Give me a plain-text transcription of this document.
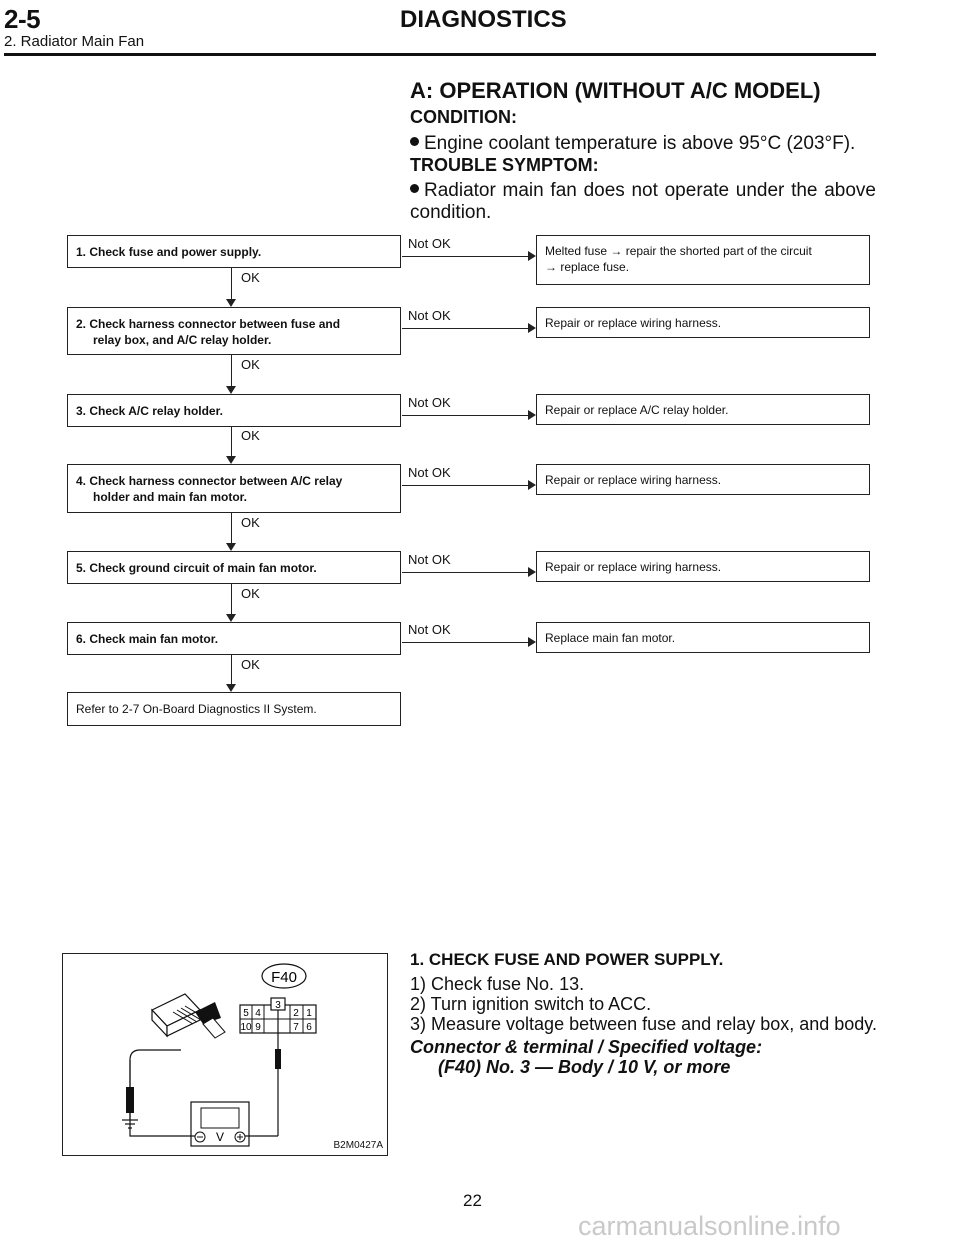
2-5	DIAGNOSTICS
2. Radiator Main Fan
A: OPERATION (WITHOUT A/C MODEL)
CONDITION:
Engine coolant temperature is above 95°C (203°F).
TROUBLE SYMPTOM:
Radiator main fan does not operate under the above condition.
1. Check fuse and power supply.
Not OK	Melted fuse → repair the shorted part of the circuit
→ replace fuse.
OK
2. Check harness connector between fuse and
relay box, and A/C relay holder.
Not OK	Repair or replace wiring harness.
OK
3. Check A/C relay holder.
Not OK	Repair or replace A/C relay holder.
OK
4. Check harness connector between A/C relay
holder and main fan motor.
Not OK	Repair or replace wiring harness.
OK
5. Check ground circuit of main fan motor.
Not OK	Repair or replace wiring harness.
OK
6. Check main fan motor.
Not OK
Replace main fan motor.
OK
Refer to 2-7 On-Board Diagnostics II System.
F40
5 4
3
2 1
10 9	7 6
V
B2M0427A
1. CHECK FUSE AND POWER SUPPLY.
1) Check fuse No. 13.
2) Turn ignition switch to ACC.
3) Measure voltage between fuse and relay box, and body.
Connector & terminal / Specified voltage:
(F40) No. 3 — Body / 10 V, or more
22
carmanualsonline.info
